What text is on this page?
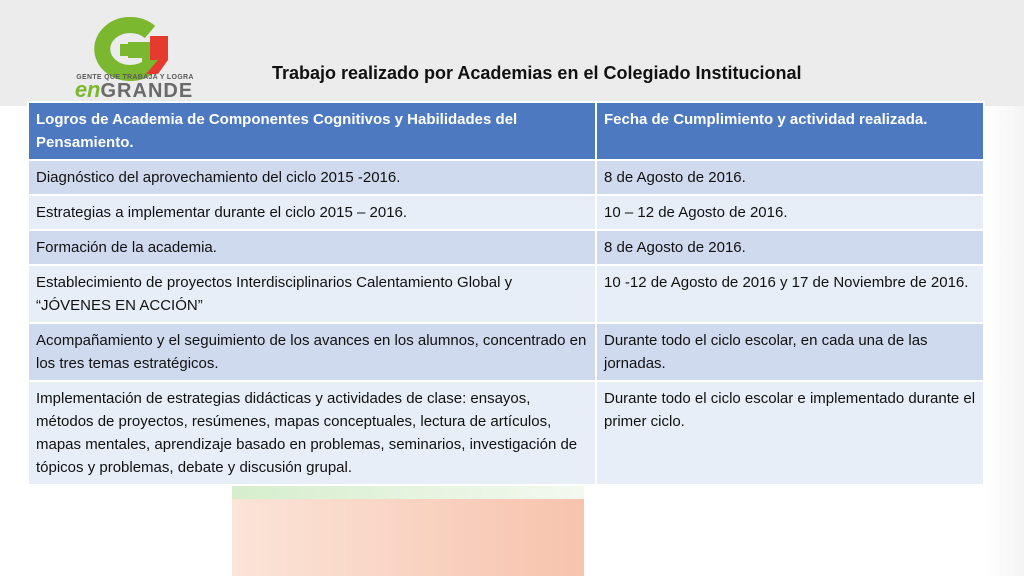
GENTE QUE TRABAJA Y LOGRA
enGRANDE
Trabajo realizado por Academias en el Colegiado Institucional
Logros de Academia de Componentes Cognitivos y Habilidades del Pensamiento.	Fecha de Cumplimiento y actividad realizada.
Diagnóstico del aprovechamiento del ciclo 2015 -2016.	8 de Agosto de 2016.
Estrategias a implementar durante el ciclo 2015 – 2016.	10 – 12 de Agosto de 2016.
Formación de la academia.	8 de Agosto de 2016.
Establecimiento de proyectos Interdisciplinarios Calentamiento Global y “JÓVENES EN ACCIÓN”	10 -12 de Agosto de 2016 y 17 de Noviembre de 2016.
Acompañamiento y el seguimiento de los avances en los alumnos, concentrado en los tres temas estratégicos.	Durante todo el ciclo escolar, en cada una de las jornadas.
Implementación de estrategias didácticas y actividades de clase: ensayos, métodos de proyectos, resúmenes, mapas conceptuales, lectura de artículos, mapas mentales, aprendizaje basado en problemas, seminarios, investigación de tópicos y problemas, debate y discusión grupal.	Durante todo el ciclo escolar e implementado durante el primer ciclo.
